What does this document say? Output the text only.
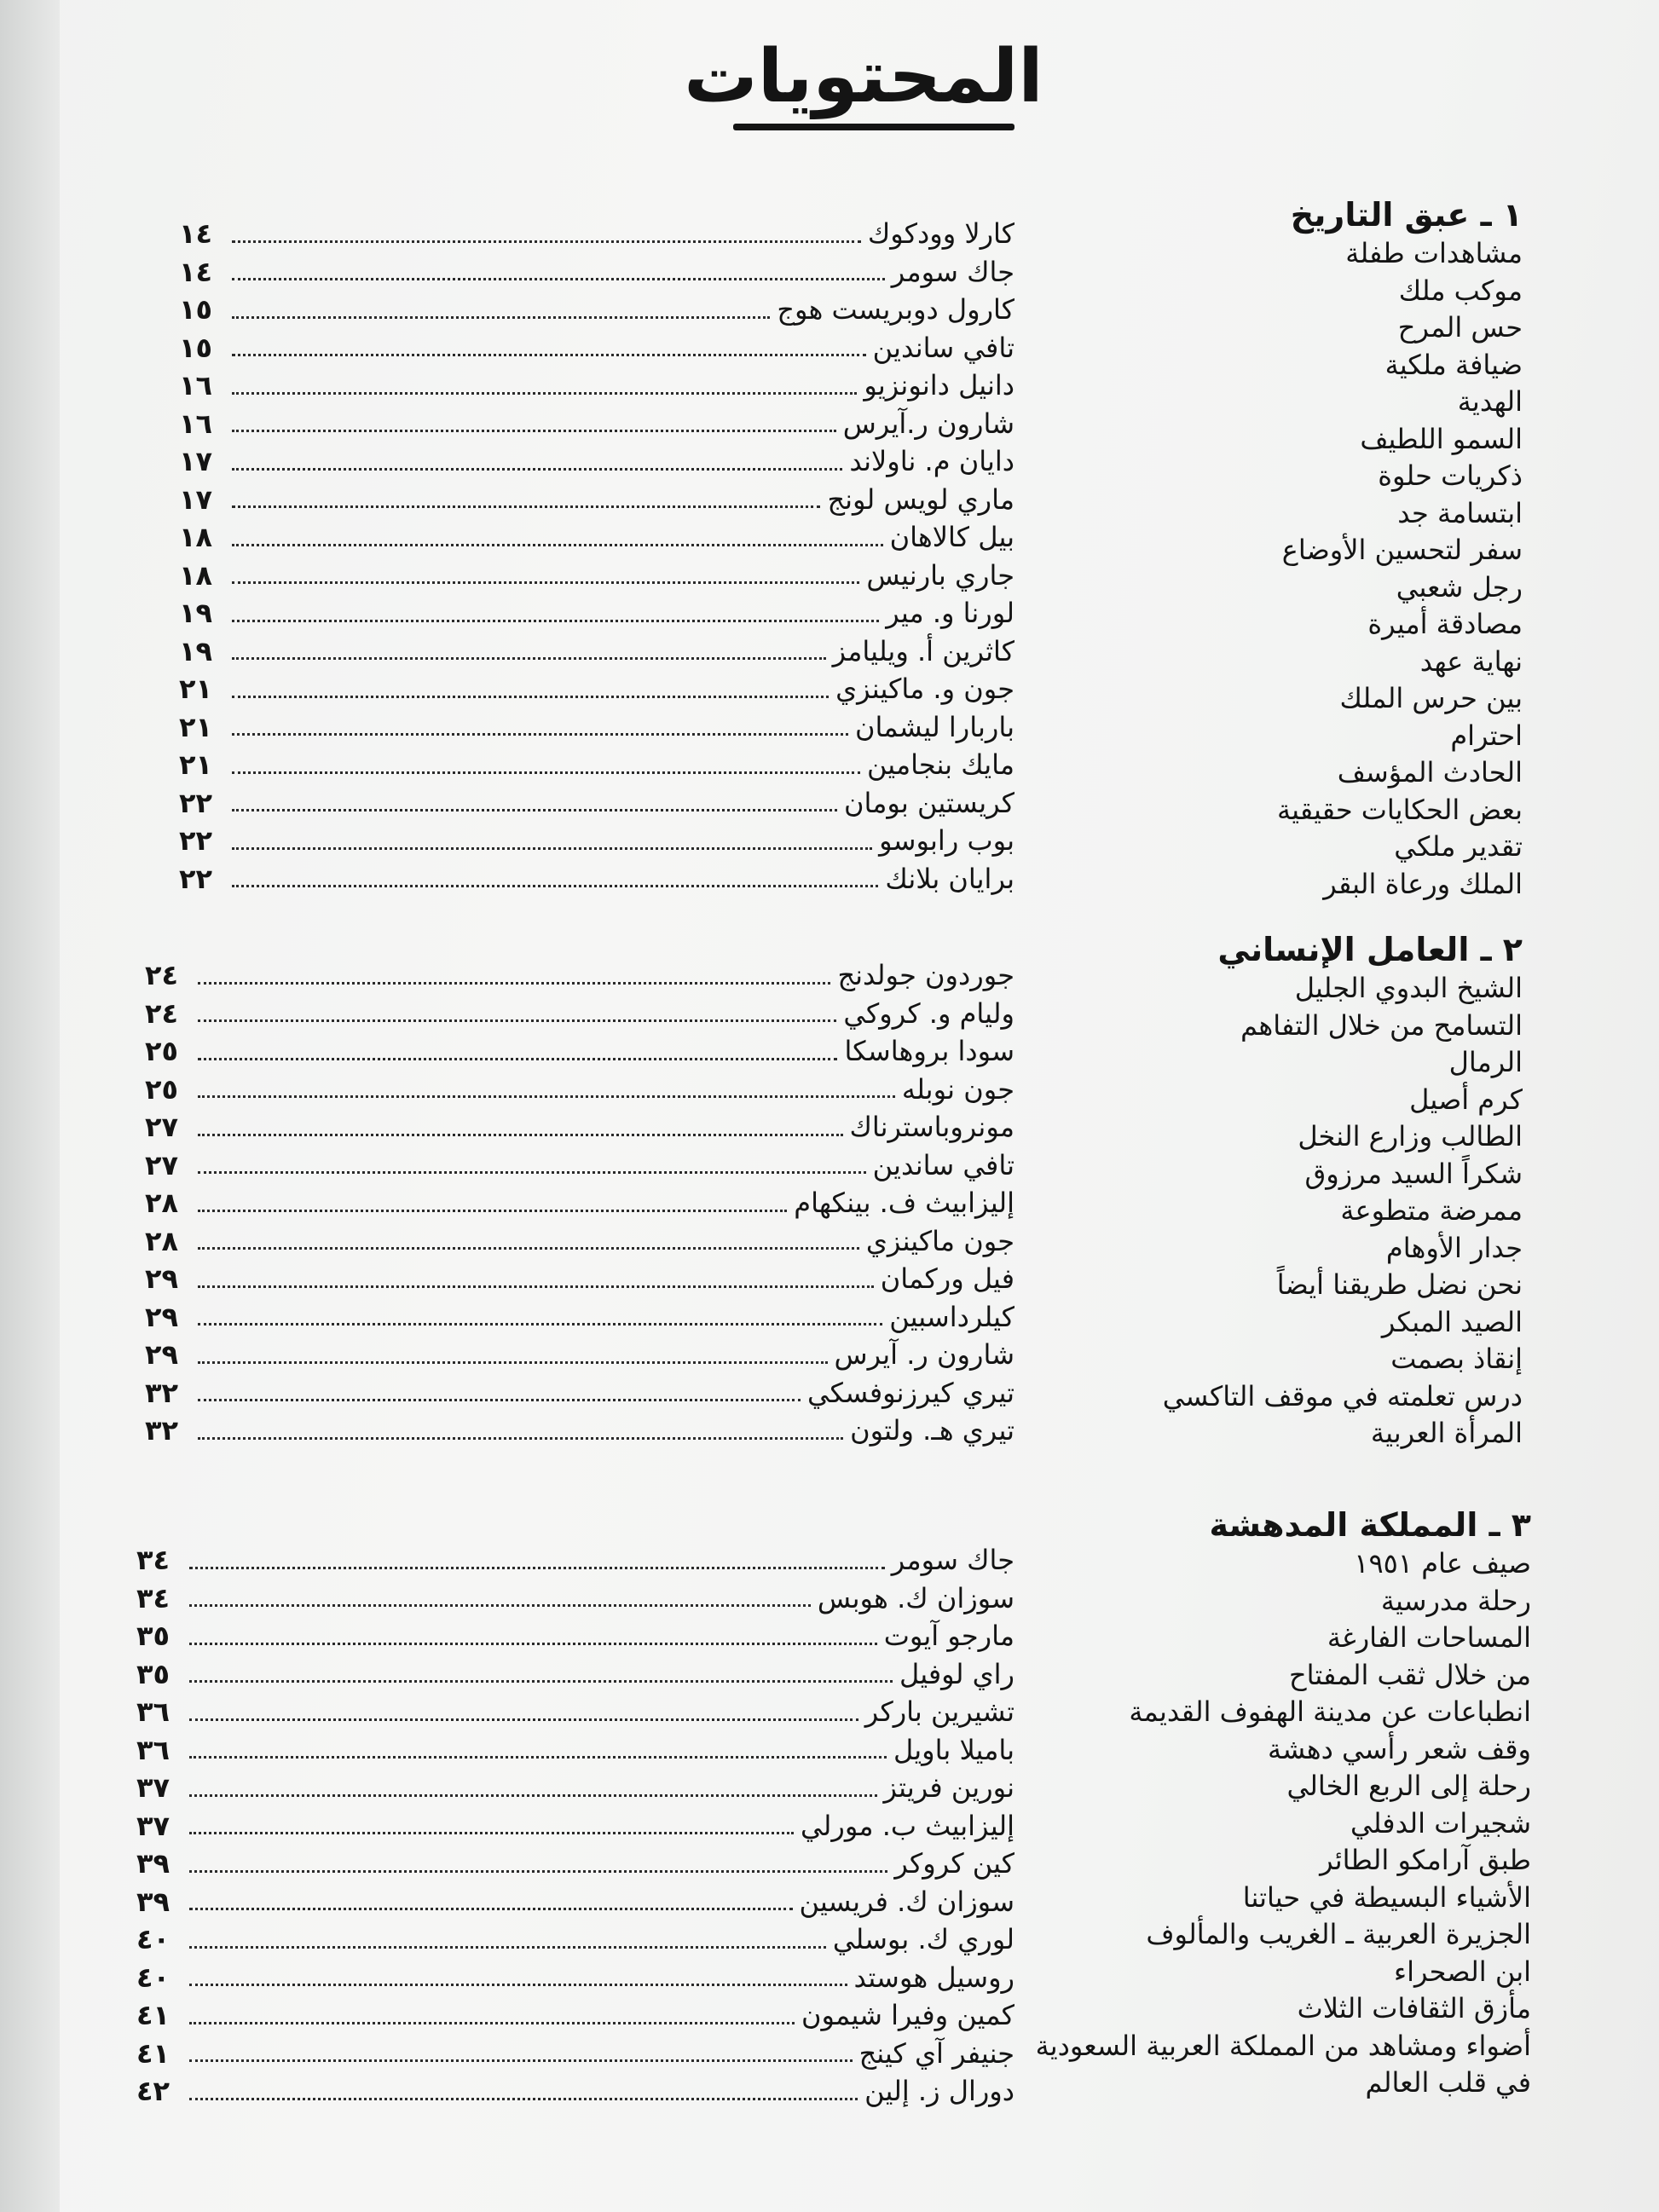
المحتويات
١ ـ عبق التاريخ
مشاهدات طفلة
موكب ملك
حس المرح
ضيافة ملكية
الهدية
السمو اللطيف
ذكريات حلوة
ابتسامة جد
سفر لتحسين الأوضاع
رجل شعبي
مصادقة أميرة
نهاية عهد
بين حرس الملك
احترام
الحادث المؤسف
بعض الحكايات حقيقية
تقدير ملكي
الملك ورعاة البقر
كارلا وودكوك
١٤
جاك سومر
١٤
كارول دوبريست هوج
١٥
تافي ساندين
١٥
دانيل دانونزيو
١٦
شارون ر.آيرس
١٦
دايان م. ناولاند
١٧
ماري لويس لونج
١٧
بيل كالاهان
١٨
جاري بارنيس
١٨
لورنا و. مير
١٩
كاثرين أ. ويليامز
١٩
جون و. ماكينزي
٢١
باربارا ليشمان
٢١
مايك بنجامين
٢١
كريستين بومان
٢٢
بوب رابوسو
٢٢
برايان بلانك
٢٢
٢ ـ العامل الإنساني
الشيخ البدوي الجليل
التسامح من خلال التفاهم
الرمال
كرم أصيل
الطالب وزارع النخل
شكراً السيد مرزوق
ممرضة متطوعة
جدار الأوهام
نحن نضل طريقنا أيضاً
الصيد المبكر
إنقاذ بصمت
درس تعلمته في موقف التاكسي
المرأة العربية
جوردون جولدنج
٢٤
وليام و. كروكي
٢٤
سودا بروهاسكا
٢٥
جون نوبله
٢٥
مونروباسترناك
٢٧
تافي ساندين
٢٧
إليزابيث ف. بينكهام
٢٨
جون ماكينزي
٢٨
فيل وركمان
٢٩
كيلرداسبين
٢٩
شارون ر. آيرس
٢٩
تيري كيرزنوفسكي
٣٢
تيري هـ. ولتون
٣٢
٣ ـ المملكة المدهشة
صيف عام ١٩٥١
رحلة مدرسية
المساحات الفارغة
من خلال ثقب المفتاح
انطباعات عن مدينة الهفوف القديمة
وقف شعر رأسي دهشة
رحلة إلى الربع الخالي
شجيرات الدفلي
طبق آرامكو الطائر
الأشياء البسيطة في حياتنا
الجزيرة العربية ـ الغريب والمألوف
ابن الصحراء
مأزق الثقافات الثلاث
أضواء ومشاهد من المملكة العربية السعودية
في قلب العالم
جاك سومر
٣٤
سوزان ك. هوبس
٣٤
مارجو آيوت
٣٥
راي لوفيل
٣٥
تشيرين باركر
٣٦
باميلا باويل
٣٦
نورين فريتز
٣٧
إليزابيث ب. مورلي
٣٧
كين كروكر
٣٩
سوزان ك. فريسين
٣٩
لوري ك. بوسلي
٤٠
روسيل هوستد
٤٠
كمين وفيرا شيمون
٤١
جنيفر آي كينج
٤١
دورال ز. إلين
٤٢
